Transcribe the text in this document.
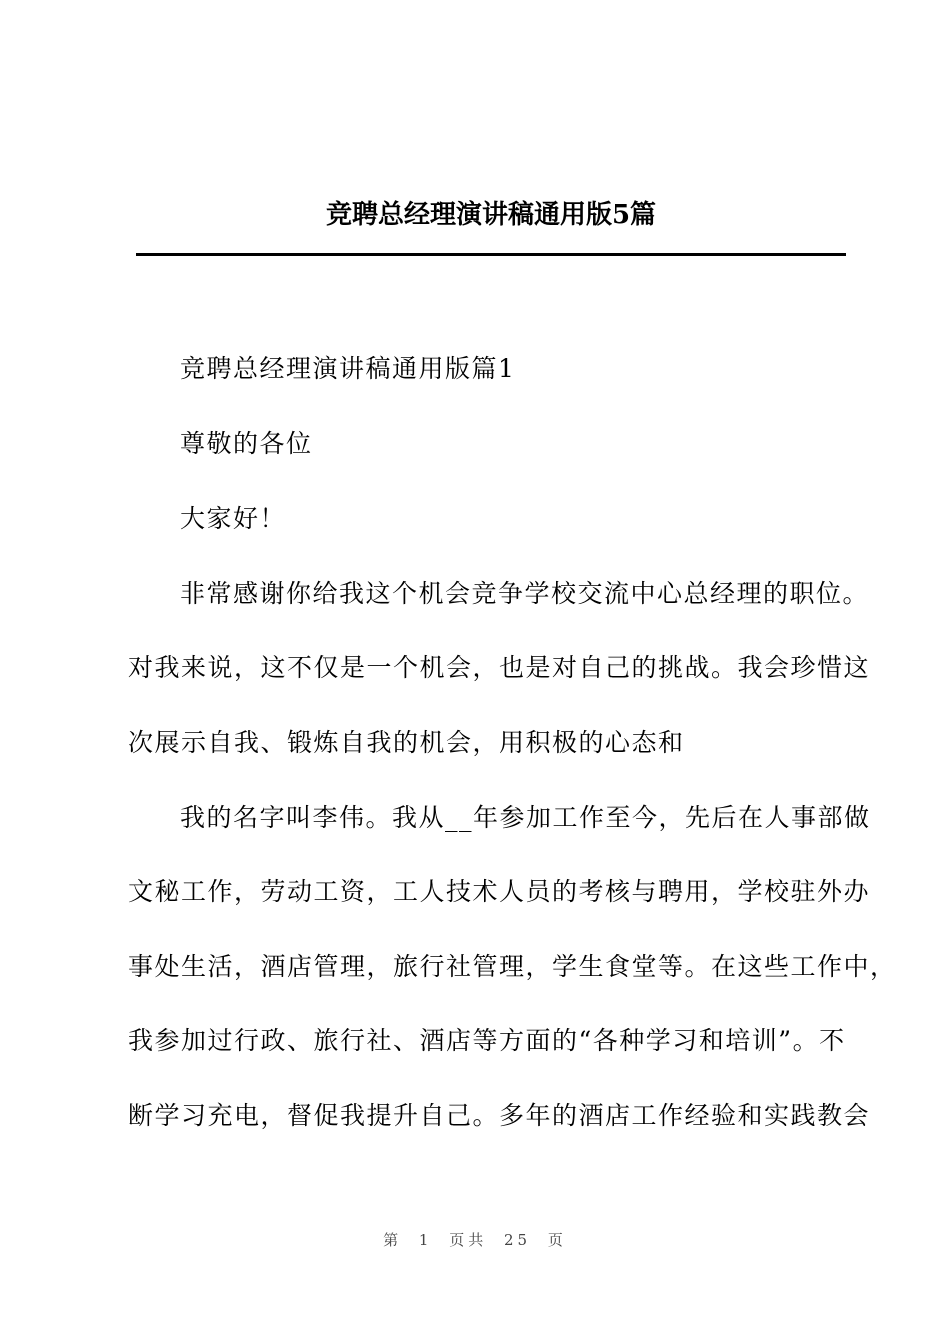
竞聘总经理演讲稿通用版5篇
竞聘总经理演讲稿通用版篇1
尊敬的各位
大家好！
非常感谢你给我这个机会竞争学校交流中心总经理的职位。
对我来说，这不仅是一个机会，也是对自己的挑战。我会珍惜这
次展示自我、锻炼自我的机会，用积极的心态和
我的名字叫李伟。我从__年参加工作至今，先后在人事部做
文秘工作，劳动工资，工人技术人员的考核与聘用，学校驻外办
事处生活，酒店管理，旅行社管理，学生食堂等。在这些工作中，
我参加过行政、旅行社、酒店等方面的“各种学习和培训”。不
断学习充电，督促我提升自己。多年的酒店工作经验和实践教会
第 1 页共 25 页
